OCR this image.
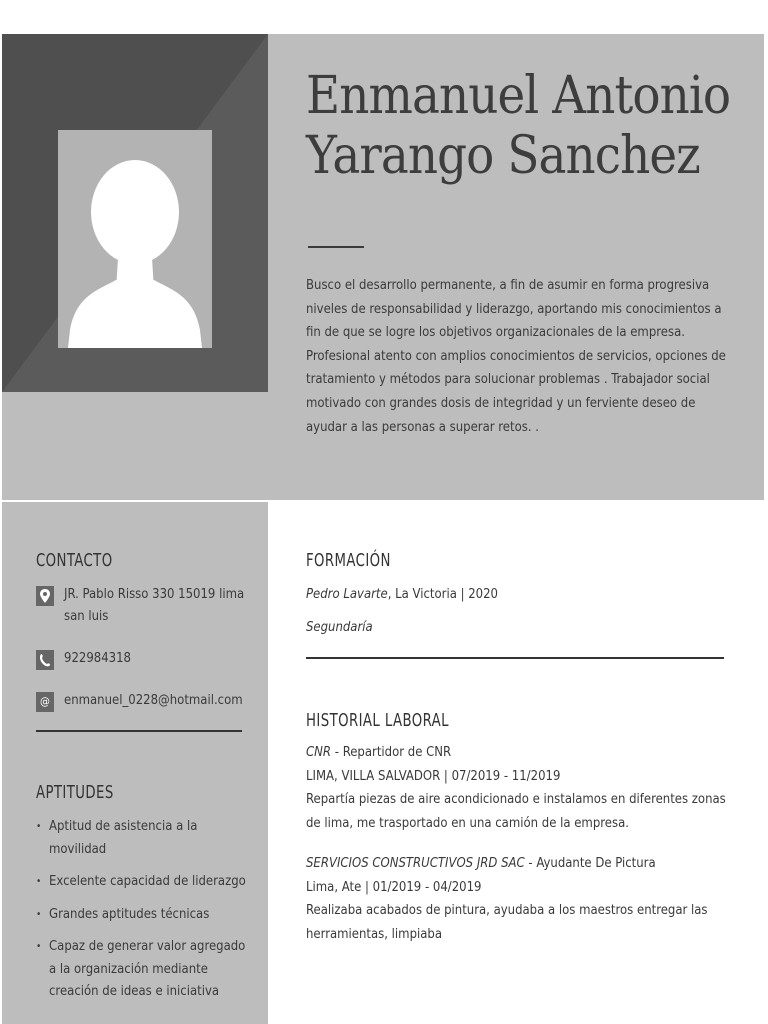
Enmanuel Antonio
Yarango Sanchez
Busco el desarrollo permanente, a fin de asumir en forma progresiva niveles de responsabilidad y liderazgo, aportando mis conocimientos a fin de que se logre los objetivos organizacionales de la empresa. Profesional atento con amplios conocimientos de servicios, opciones de tratamiento y métodos para solucionar problemas . Trabajador social motivado con grandes dosis de integridad y un ferviente deseo de ayudar a las personas a superar retos. .
CONTACTO
JR. Pablo Risso 330 15019 lima san luis
922984318
@	enmanuel_0228@hotmail.com
APTITUDES
• Aptitud de asistencia a la movilidad
• Excelente capacidad de liderazgo
• Grandes aptitudes técnicas
• Capaz de generar valor agregado a la organización mediante creación de ideas e iniciativa
FORMACIÓN
Pedro Lavarte, La Victoria | 2020
Segundaría
HISTORIAL LABORAL
CNR - Repartidor de CNR
LIMA, VILLA SALVADOR | 07/2019 - 11/2019
Repartía piezas de aire acondicionado e instalamos en diferentes zonas de lima, me trasportado en una camión de la empresa.
SERVICIOS CONSTRUCTIVOS JRD SAC - Ayudante De Pictura
Lima, Ate | 01/2019 - 04/2019
Realizaba acabados de pintura, ayudaba a los maestros entregar las herramientas, limpiaba
